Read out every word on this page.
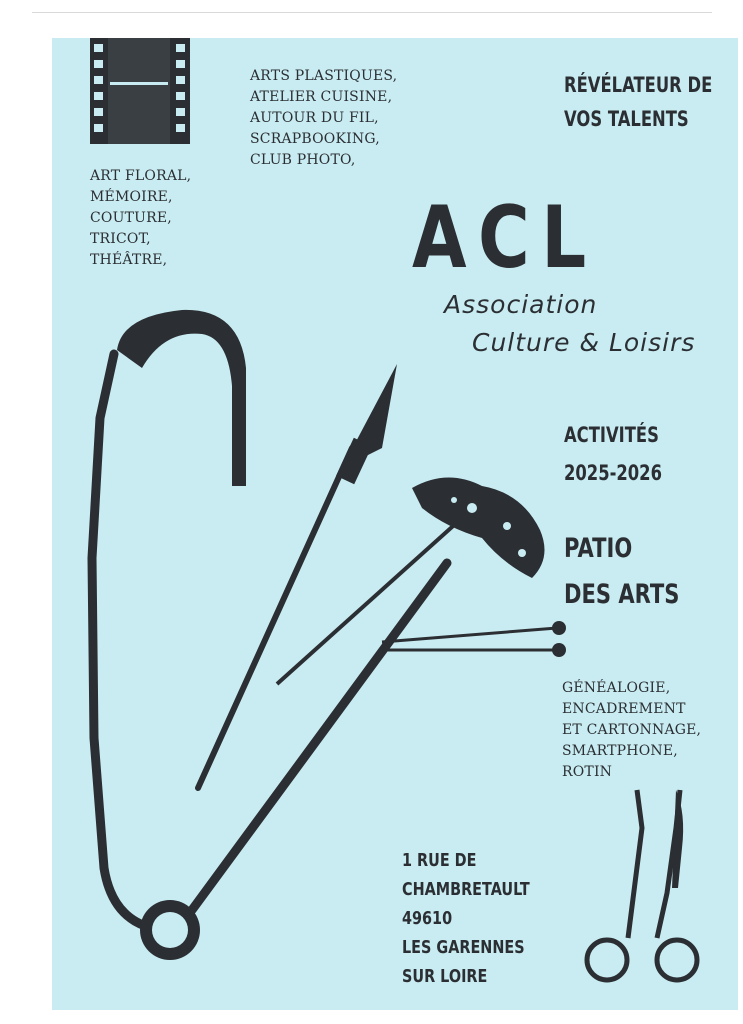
ARTS PLASTIQUES,
ATELIER CUISINE,
AUTOUR DU FIL,
SCRAPBOOKING,
CLUB PHOTO,
ART FLORAL,
MÉMOIRE,
COUTURE,
TRICOT,
THÉÂTRE,
RÉVÉLATEUR DE
VOS TALENTS
ACL
Association
Culture & Loisirs
ACTIVITÉS
2025-2026
PATIO
DES ARTS
GÉNÉALOGIE,
ENCADREMENT
ET CARTONNAGE,
SMARTPHONE,
ROTIN
1 RUE DE
CHAMBRETAULT
49610
LES GARENNES
SUR LOIRE
